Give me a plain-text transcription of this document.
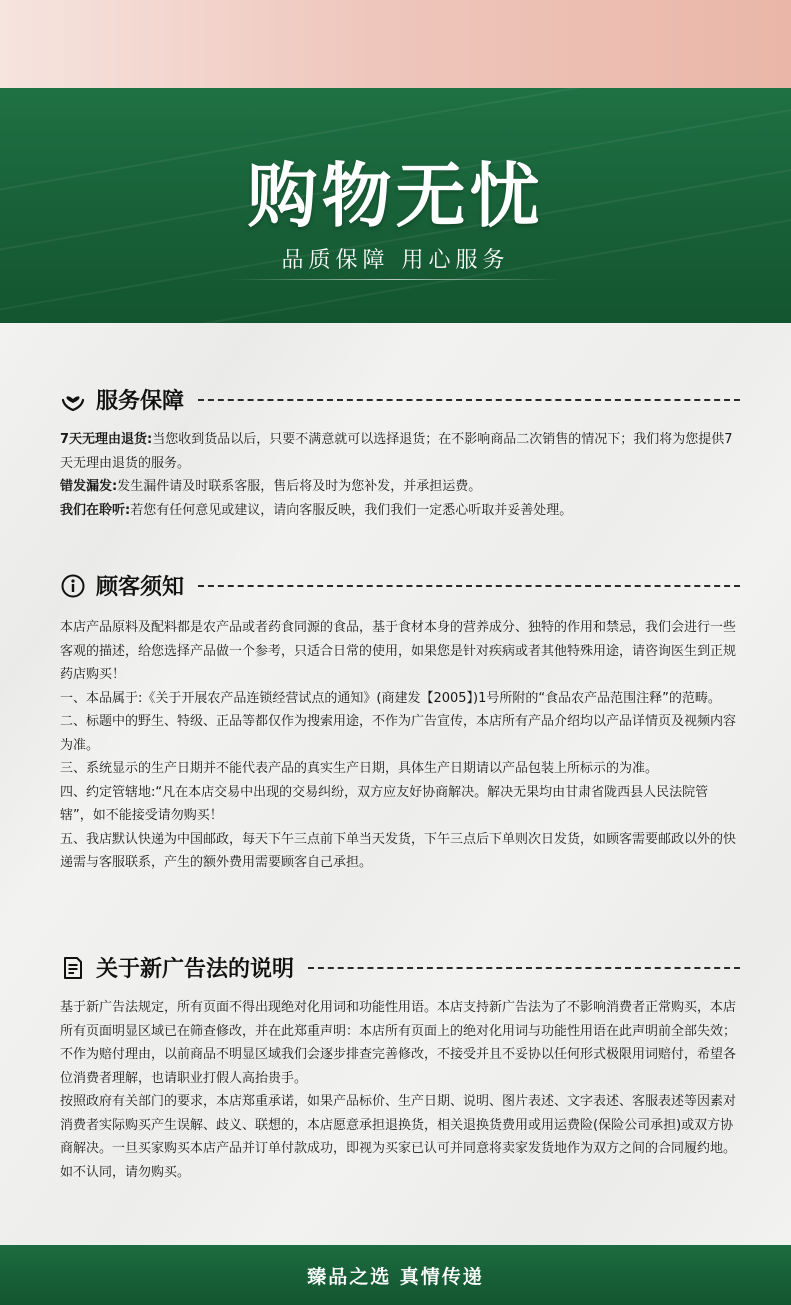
购物无忧
品质保障 用心服务
服务保障

7天无理由退货:当您收到货品以后，只要不满意就可以选择退货；在不影响商品二次销售的情况下；我们将为您提供7天无理由退货的服务。

错发漏发:发生漏件请及时联系客服，售后将及时为您补发，并承担运费。

我们在聆听:若您有任何意见或建议，请向客服反映，我们我们一定悉心听取并妥善处理。

顾客须知

本店产品原料及配料都是农产品或者药食同源的食品，基于食材本身的营养成分、独特的作用和禁忌，我们会进行一些客观的描述，给您选择产品做一个参考，只适合日常的使用，如果您是针对疾病或者其他特殊用途，请咨询医生到正规药店购买！

一、本品属于:《关于开展农产品连锁经营试点的通知》(商建发【2005】)1号所附的“食品农产品范围注释”的范畴。

二、标题中的野生、特级、正品等都仅作为搜索用途，不作为广告宣传，本店所有产品介绍均以产品详情页及视频内容为准。

三、系统显示的生产日期并不能代表产品的真实生产日期，具体生产日期请以产品包装上所标示的为准。

四、约定管辖地:“凡在本店交易中出现的交易纠纷，双方应友好协商解决。解决无果均由甘肃省陇西县人民法院管辖”，如不能接受请勿购买！

五、我店默认快递为中国邮政，每天下午三点前下单当天发货，下午三点后下单则次日发货，如顾客需要邮政以外的快递需与客服联系，产生的额外费用需要顾客自己承担。

关于新广告法的说明

基于新广告法规定，所有页面不得出现绝对化用词和功能性用语。本店支持新广告法为了不影响消费者正常购买，本店所有页面明显区域已在筛查修改，并在此郑重声明：本店所有页面上的绝对化用词与功能性用语在此声明前全部失效；不作为赔付理由，以前商品不明显区域我们会逐步排查完善修改，不接受并且不妥协以任何形式极限用词赔付，希望各位消费者理解，也请职业打假人高抬贵手。

按照政府有关部门的要求，本店郑重承诺，如果产品标价、生产日期、说明、图片表述、文字表述、客服表述等因素对消费者实际购买产生误解、歧义、联想的，本店愿意承担退换货，相关退换货费用或用运费险(保险公司承担)或双方协商解决。一旦买家购买本店产品并订单付款成功，即视为买家已认可并同意将卖家发货地作为双方之间的合同履约地。如不认同，请勿购买。

臻品之选 真情传递
